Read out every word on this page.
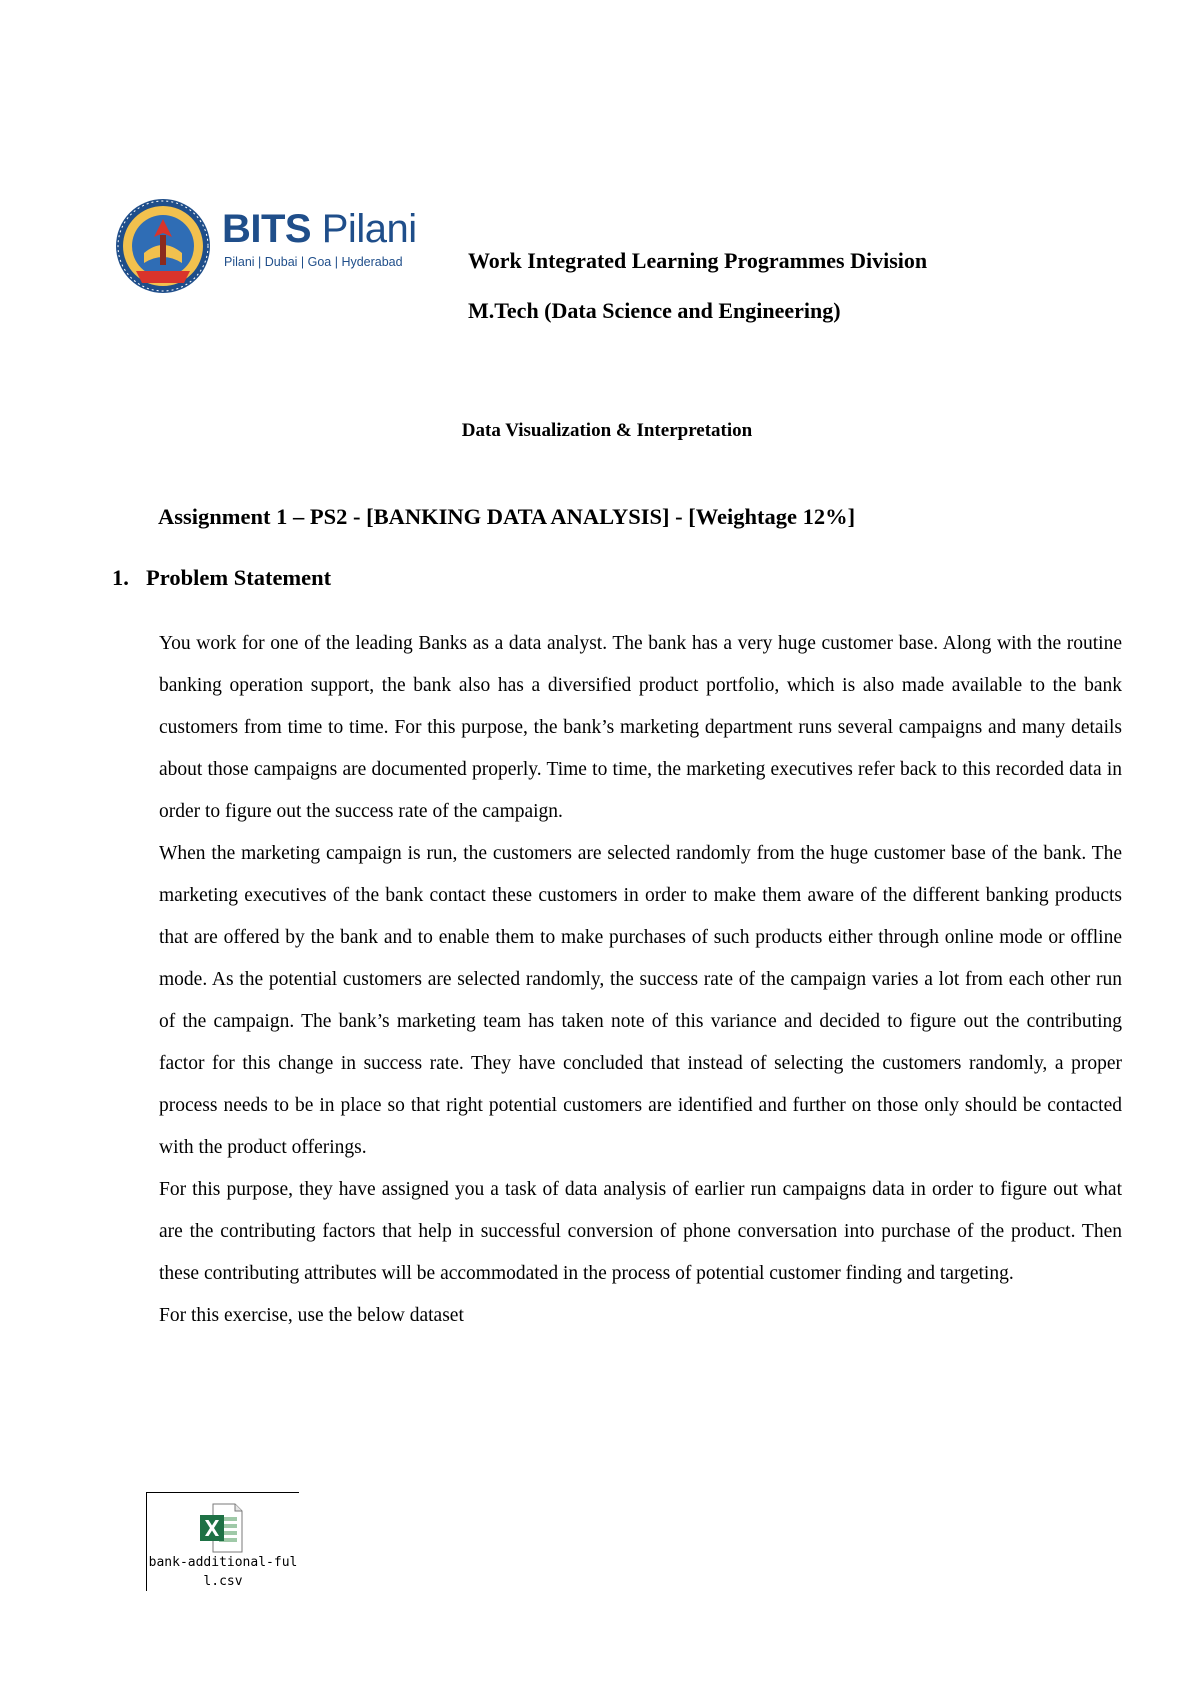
BITS Pilani
Pilani | Dubai | Goa | Hyderabad	Work Integrated Learning Programmes Division
M.Tech (Data Science and Engineering)
Data Visualization & Interpretation
Assignment 1 – PS2 - [BANKING DATA ANALYSIS] - [Weightage 12%]
1. Problem Statement

You work for one of the leading Banks as a data analyst. The bank has a very huge customer base. Along with the routine banking operation support, the bank also has a diversified product portfolio, which is also made available to the bank customers from time to time. For this purpose, the bank’s marketing department runs several campaigns and many details about those campaigns are documented properly. Time to time, the marketing executives refer back to this recorded data in order to figure out the success rate of the campaign.

When the marketing campaign is run, the customers are selected randomly from the huge customer base of the bank. The marketing executives of the bank contact these customers in order to make them aware of the different banking products that are offered by the bank and to enable them to make purchases of such products either through online mode or offline mode. As the potential customers are selected randomly, the success rate of the campaign varies a lot from each other run of the campaign. The bank’s marketing team has taken note of this variance and decided to figure out the contributing factor for this change in success rate. They have concluded that instead of selecting the customers randomly, a proper process needs to be in place so that right potential customers are identified and further on those only should be contacted with the product offerings.

For this purpose, they have assigned you a task of data analysis of earlier run campaigns data in order to figure out what are the contributing factors that help in successful conversion of phone conversation into purchase of the product. Then these contributing attributes will be accommodated in the process of potential customer finding and targeting.

For this exercise, use the below dataset

bank-additional-ful
l.csv
